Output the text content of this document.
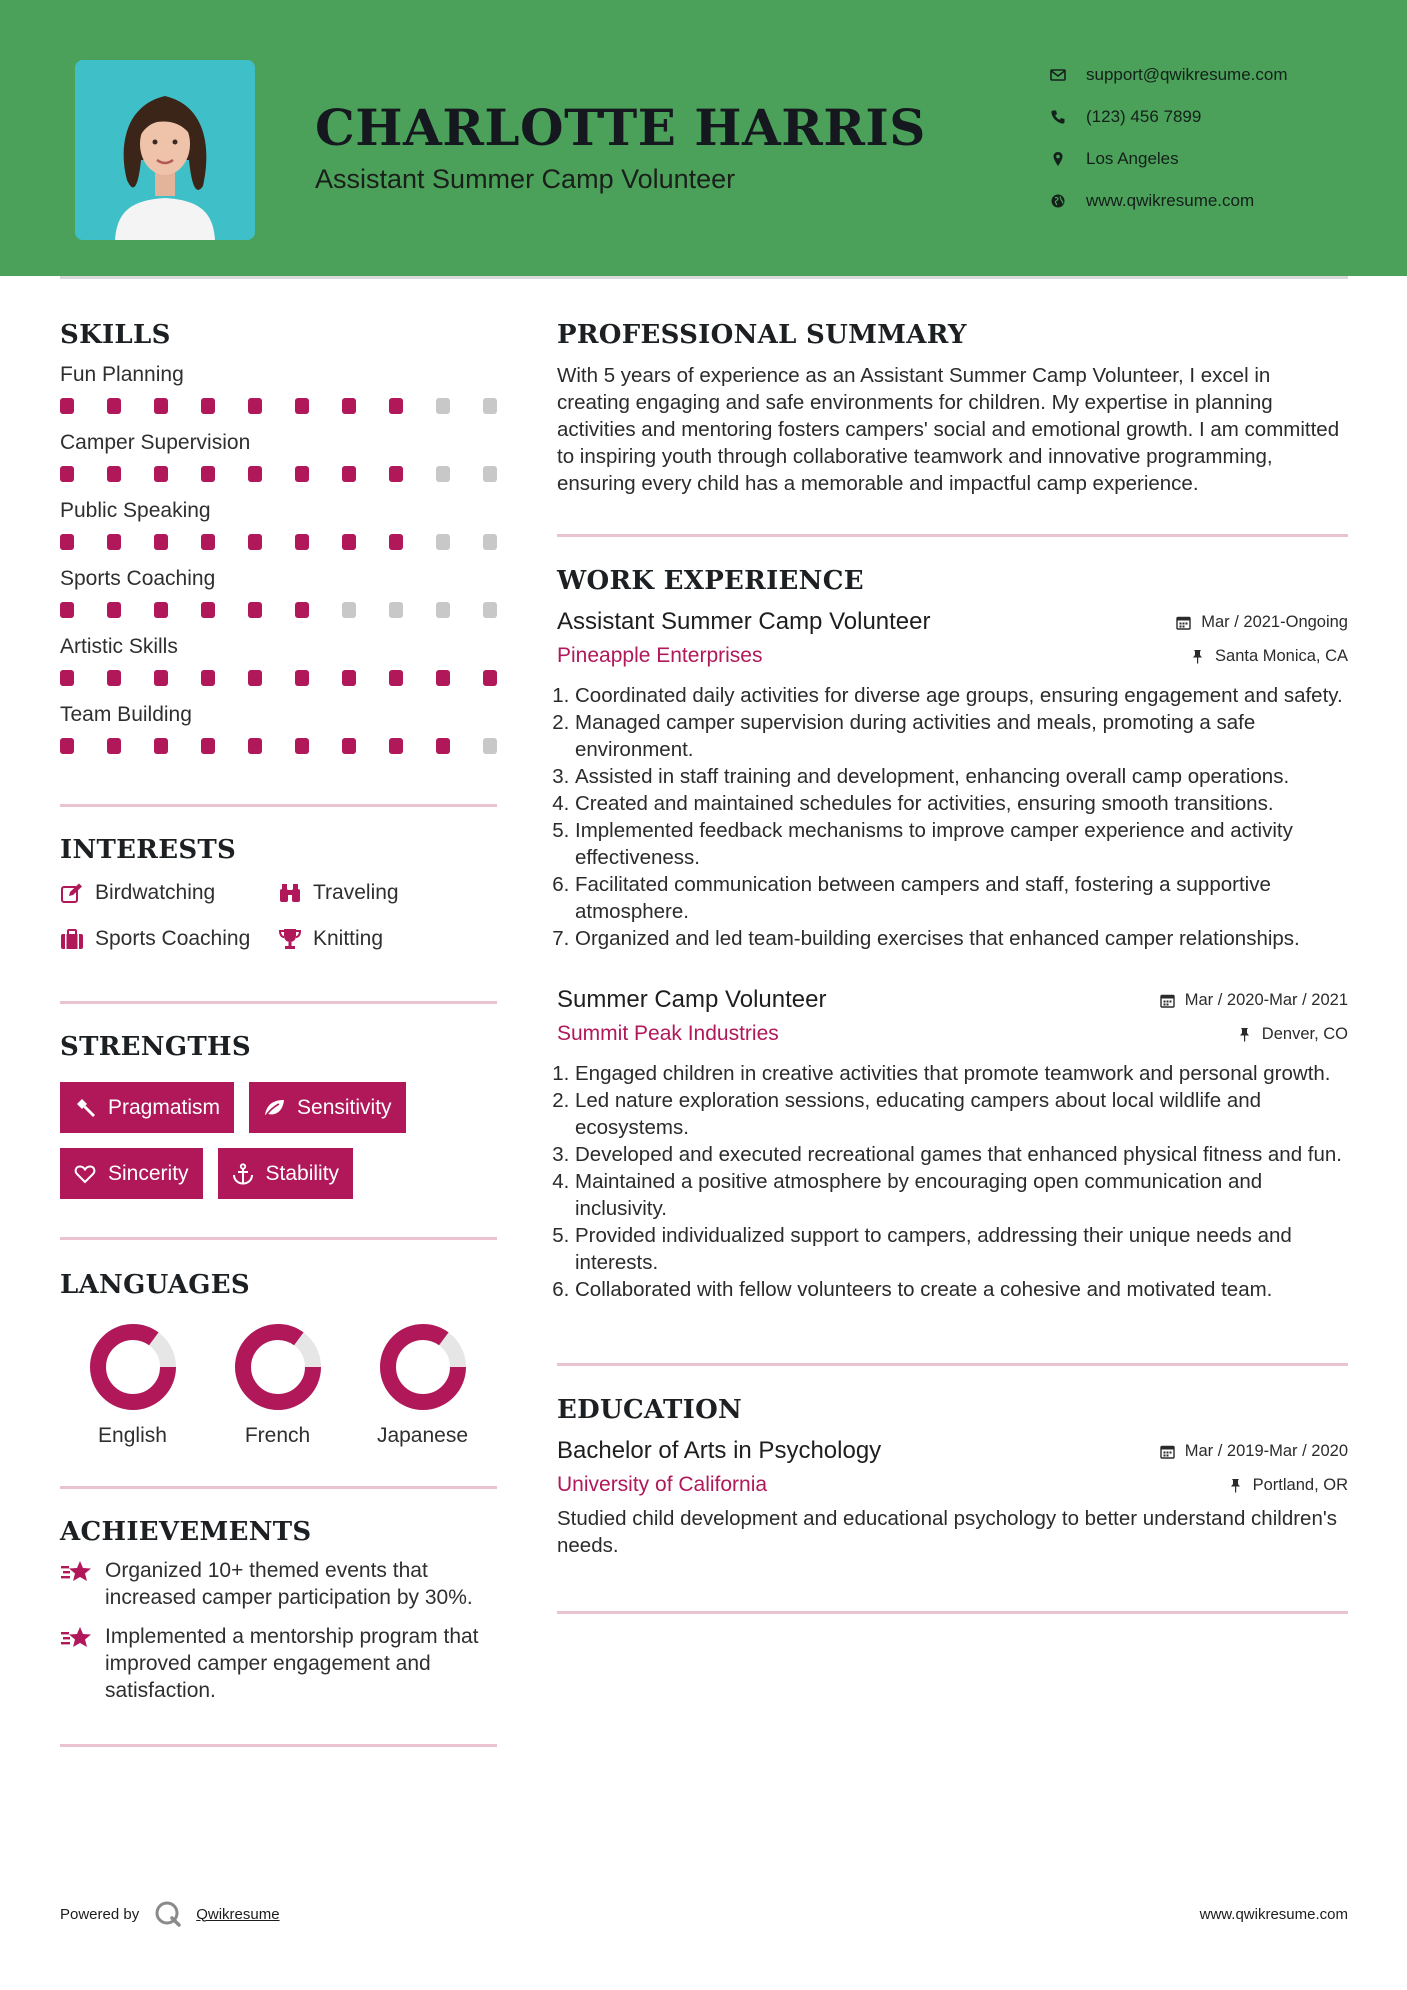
CHARLOTTE HARRIS
Assistant Summer Camp Volunteer
support@qwikresume.com
(123) 456 7899
Los Angeles
www.qwikresume.com
SKILLS
Fun Planning
Camper Supervision
Public Speaking
Sports Coaching
Artistic Skills
Team Building
INTERESTS
Birdwatching	Traveling
Sports Coaching	Knitting
STRENGTHS
Pragmatism	Sensitivity
Sincerity	Stability
LANGUAGES
English	French	Japanese
ACHIEVEMENTS
Organized 10+ themed events that increased camper participation by 30%.
Implemented a mentorship program that improved camper engagement and satisfaction.
PROFESSIONAL SUMMARY
With 5 years of experience as an Assistant Summer Camp Volunteer, I excel in creating engaging and safe environments for children. My expertise in planning activities and mentoring fosters campers' social and emotional growth. I am committed to inspiring youth through collaborative teamwork and innovative programming, ensuring every child has a memorable and impactful camp experience.
WORK EXPERIENCE
Assistant Summer Camp Volunteer	Mar / 2021-Ongoing
Pineapple Enterprises	Santa Monica, CA
1. Coordinated daily activities for diverse age groups, ensuring engagement and safety.
2. Managed camper supervision during activities and meals, promoting a safe environment.
3. Assisted in staff training and development, enhancing overall camp operations.
4. Created and maintained schedules for activities, ensuring smooth transitions.
5. Implemented feedback mechanisms to improve camper experience and activity effectiveness.
6. Facilitated communication between campers and staff, fostering a supportive atmosphere.
7. Organized and led team-building exercises that enhanced camper relationships.
Summer Camp Volunteer	Mar / 2020-Mar / 2021
Summit Peak Industries	Denver, CO
1. Engaged children in creative activities that promote teamwork and personal growth.
2. Led nature exploration sessions, educating campers about local wildlife and ecosystems.
3. Developed and executed recreational games that enhanced physical fitness and fun.
4. Maintained a positive atmosphere by encouraging open communication and inclusivity.
5. Provided individualized support to campers, addressing their unique needs and interests.
6. Collaborated with fellow volunteers to create a cohesive and motivated team.
EDUCATION
Bachelor of Arts in Psychology	Mar / 2019-Mar / 2020
University of California	Portland, OR
Studied child development and educational psychology to better understand children's needs.
Powered by	Qwikresume	www.qwikresume.com
